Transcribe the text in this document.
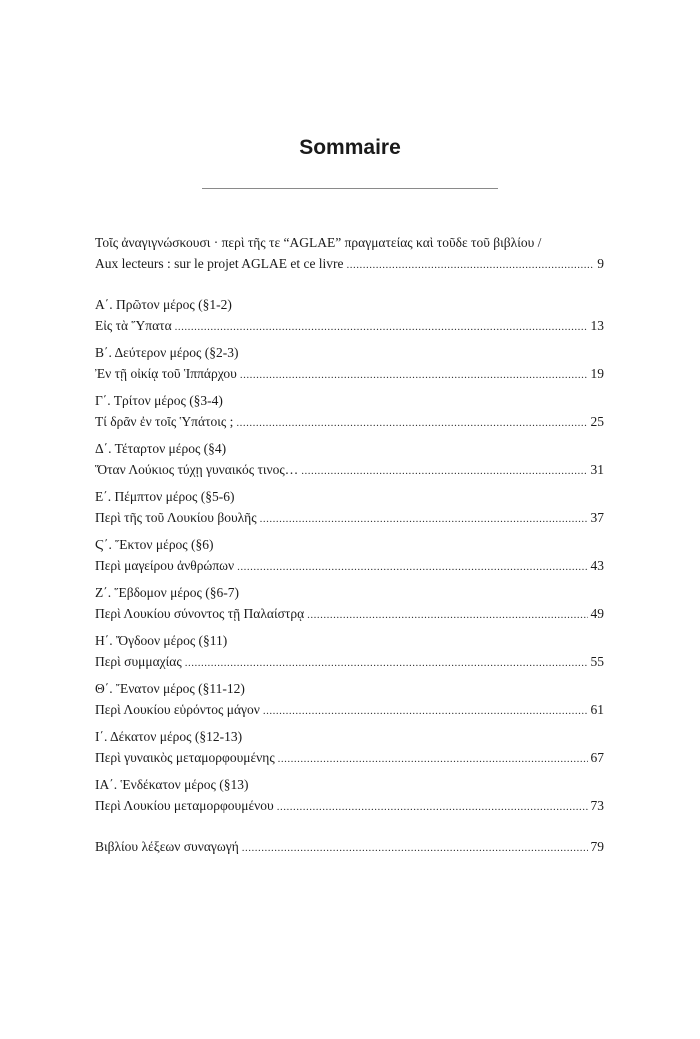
Sommaire
Τοῖς ἀναγιγνώσκουσι · περὶ τῆς τε “AGLAE” πραγματείας καὶ τοῦδε τοῦ βιβλίου /
Aux lecteurs : sur le projet AGLAE et ce livre .....	9
Α΄. Πρῶτον μέρος (§1-2)
Εἰς τὰ Ὕπατα .....	13
Β΄. Δεύτερον μέρος (§2-3)
Ἐν τῇ οἰκίᾳ τοῦ Ἱππάρχου .....	19
Γ΄. Τρίτον μέρος (§3-4)
Τί δρᾶν ἐν τοῖς Ὑπάτοις ; .....	25
Δ΄. Τέταρτον μέρος (§4)
Ὅταν Λούκιος τύχῃ γυναικός τινος… .....	31
Ε΄. Πέμπτον μέρος (§5-6)
Περὶ τῆς τοῦ Λουκίου βουλῆς .....	37
Ϛ΄. Ἕκτον μέρος (§6)
Περὶ μαγείρου ἀνθρώπων .....	43
Ζ΄. Ἕβδομον μέρος (§6-7)
Περὶ Λουκίου σύνοντος τῇ Παλαίστρᾳ .....	49
Η΄. Ὄγδοον μέρος (§11)
Περὶ συμμαχίας .....	55
Θ΄. Ἔνατον μέρος (§11-12)
Περὶ Λουκίου εὑρόντος μάγον .....	61
Ι΄. Δέκατον μέρος (§12-13)
Περὶ γυναικὸς μεταμορφουμένης .....	67
ΙΑ΄. Ἑνδέκατον μέρος (§13)
Περὶ Λουκίου μεταμορφουμένου .....	73
Βιβλίου λέξεων συναγωγή .....	79
